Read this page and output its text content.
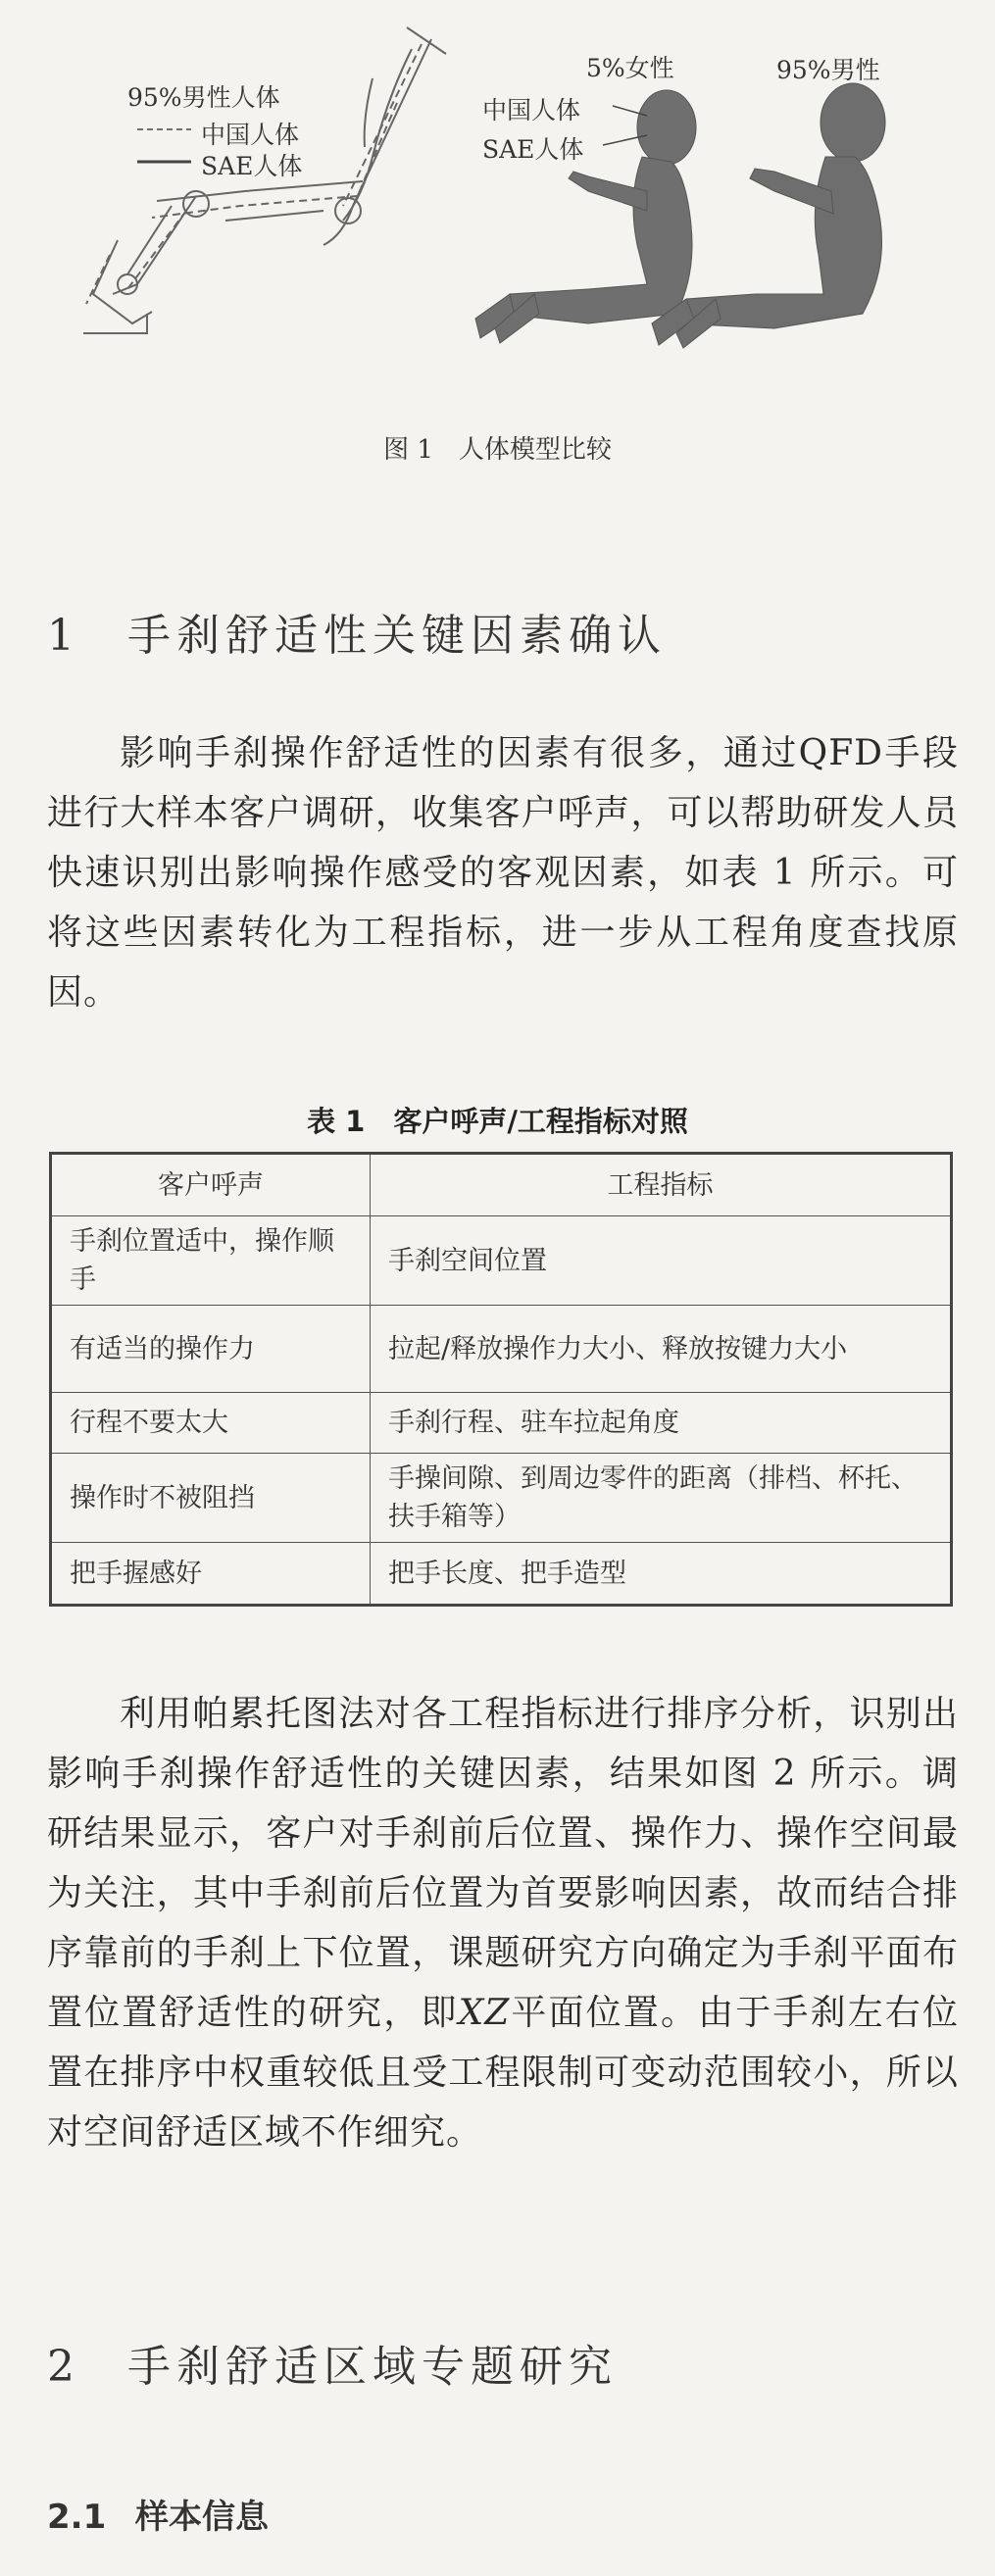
95%男性人体
中国人体
SAE人体
5%女性	95%男性
中国人体
SAE人体
图 1　人体模型比较
1 手刹舒适性关键因素确认

影响手刹操作舒适性的因素有很多，通过QFD手段进行大样本客户调研，收集客户呼声，可以帮助研发人员快速识别出影响操作感受的客观因素，如表 1 所示。可将这些因素转化为工程指标，进一步从工程角度查找原因。

表 1　客户呼声/工程指标对照
客户呼声	工程指标
手刹位置适中，操作顺手	手刹空间位置
有适当的操作力	拉起/释放操作力大小、释放按键力大小
行程不要太大	手刹行程、驻车拉起角度
操作时不被阻挡	手操间隙、到周边零件的距离（排档、杯托、扶手箱等）
把手握感好	把手长度、把手造型

利用帕累托图法对各工程指标进行排序分析，识别出影响手刹操作舒适性的关键因素，结果如图 2 所示。调研结果显示，客户对手刹前后位置、操作力、操作空间最为关注，其中手刹前后位置为首要影响因素，故而结合排序靠前的手刹上下位置，课题研究方向确定为手刹平面布置位置舒适性的研究，即XZ平面位置。由于手刹左右位置在排序中权重较低且受工程限制可变动范围较小，所以对空间舒适区域不作细究。

2 手刹舒适区域专题研究
2.1 样本信息
